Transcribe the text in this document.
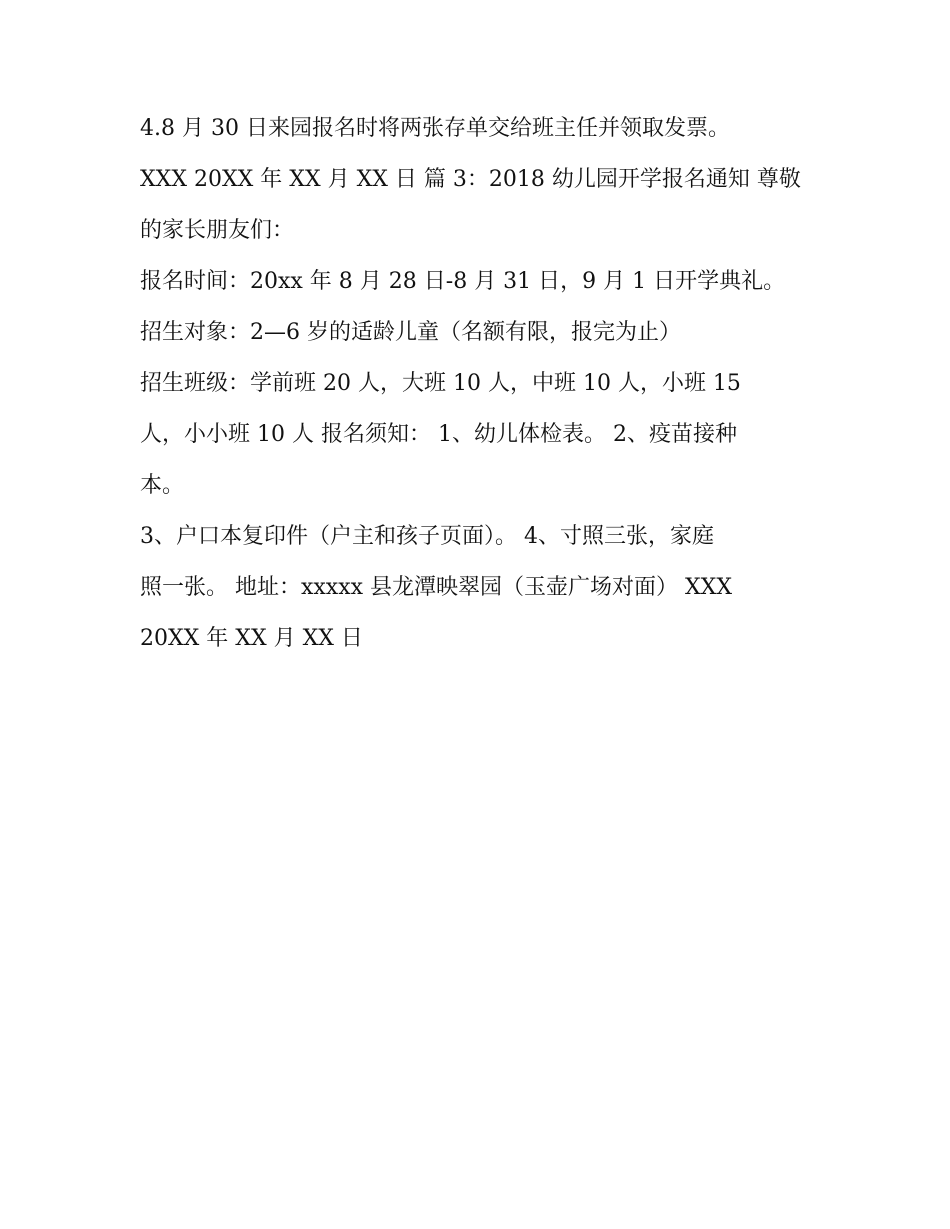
4.8 月 30 日来园报名时将两张存单交给班主任并领取发票。
XXX 20XX 年 XX 月 XX 日 篇 3：2018 幼儿园开学报名通知 尊敬
的家长朋友们：
报名时间：20xx 年 8 月 28 日-8 月 31 日，9 月 1 日开学典礼。
招生对象：2—6 岁的适龄儿童（名额有限，报完为止）
招生班级：学前班 20 人，大班 10 人，中班 10 人，小班 15
人，小小班 10 人 报名须知： 1、幼儿体检表。 2、疫苗接种
本。
3、户口本复印件（户主和孩子页面）。 4、寸照三张，家庭
照一张。 地址：xxxxx 县龙潭映翠园（玉壶广场对面） XXX
20XX 年 XX 月 XX 日
